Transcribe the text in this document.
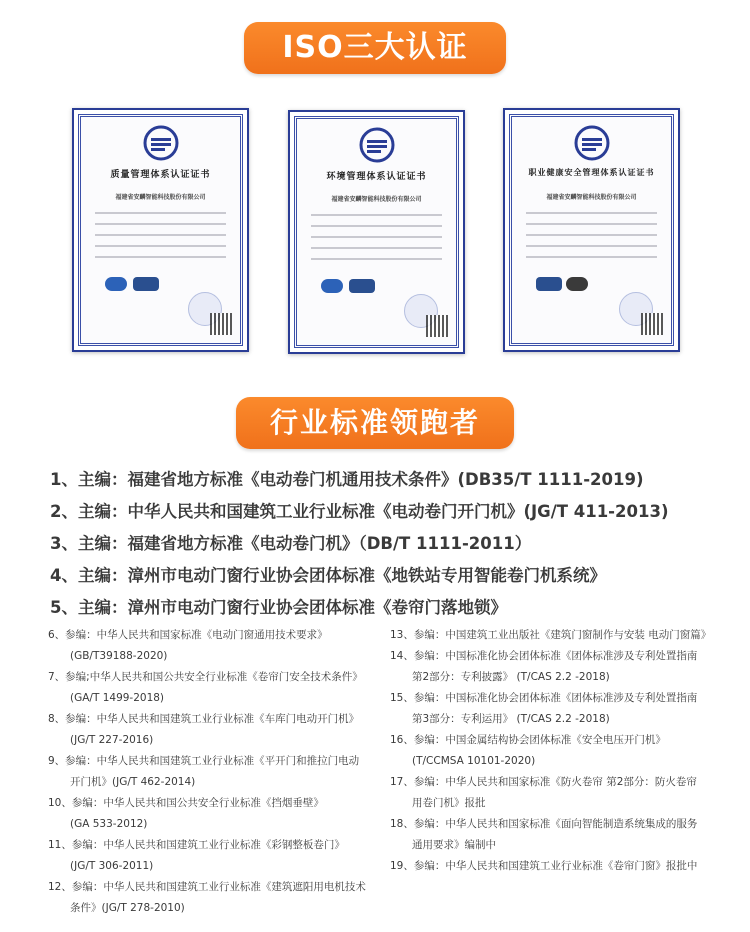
ISO三大认证
质量管理体系认证证书
福建省安麟智能科技股份有限公司
环境管理体系认证证书
福建省安麟智能科技股份有限公司
职业健康安全管理体系认证证书
福建省安麟智能科技股份有限公司
行业标准领跑者
1、主编：福建省地方标准《电动卷门机通用技术条件》(DB35/T 1111-2019)
2、主编：中华人民共和国建筑工业行业标准《电动卷门开门机》(JG/T 411-2013)
3、主编：福建省地方标准《电动卷门机》（DB/T 1111-2011）
4、主编：漳州市电动门窗行业协会团体标准《地铁站专用智能卷门机系统》
5、主编：漳州市电动门窗行业协会团体标准《卷帘门落地锁》
6、参编：中华人民共和国家标准《电动门窗通用技术要求》
(GB/T39188-2020)
7、参编;中华人民共和国公共安全行业标准《卷帘门安全技术条件》
(GA/T 1499-2018)
8、参编：中华人民共和国建筑工业行业标准《车库门电动开门机》
(JG/T 227-2016)
9、参编：中华人民共和国建筑工业行业标准《平开门和推拉门电动
开门机》(JG/T 462-2014)
10、参编：中华人民共和国公共安全行业标准《挡烟垂壁》
(GA 533-2012)
11、参编：中华人民共和国建筑工业行业标准《彩钢整板卷门》
(JG/T 306-2011)
12、参编：中华人民共和国建筑工业行业标准《建筑遮阳用电机技术
条件》(JG/T 278-2010)
13、参编：中国建筑工业出版社《建筑门窗制作与安装 电动门窗篇》
14、参编：中国标准化协会团体标准《团体标准涉及专利处置指南
第2部分：专利披露》 (T/CAS 2.2 -2018)
15、参编：中国标准化协会团体标准《团体标准涉及专利处置指南
第3部分：专利运用》 (T/CAS 2.2 -2018)
16、参编：中国金属结构协会团体标准《安全电压开门机》
(T/CCMSA 10101-2020)
17、参编：中华人民共和国家标准《防火卷帘 第2部分：防火卷帘
用卷门机》报批
18、参编：中华人民共和国家标准《面向智能制造系统集成的服务
通用要求》编制中
19、参编：中华人民共和国建筑工业行业标准《卷帘门窗》报批中
